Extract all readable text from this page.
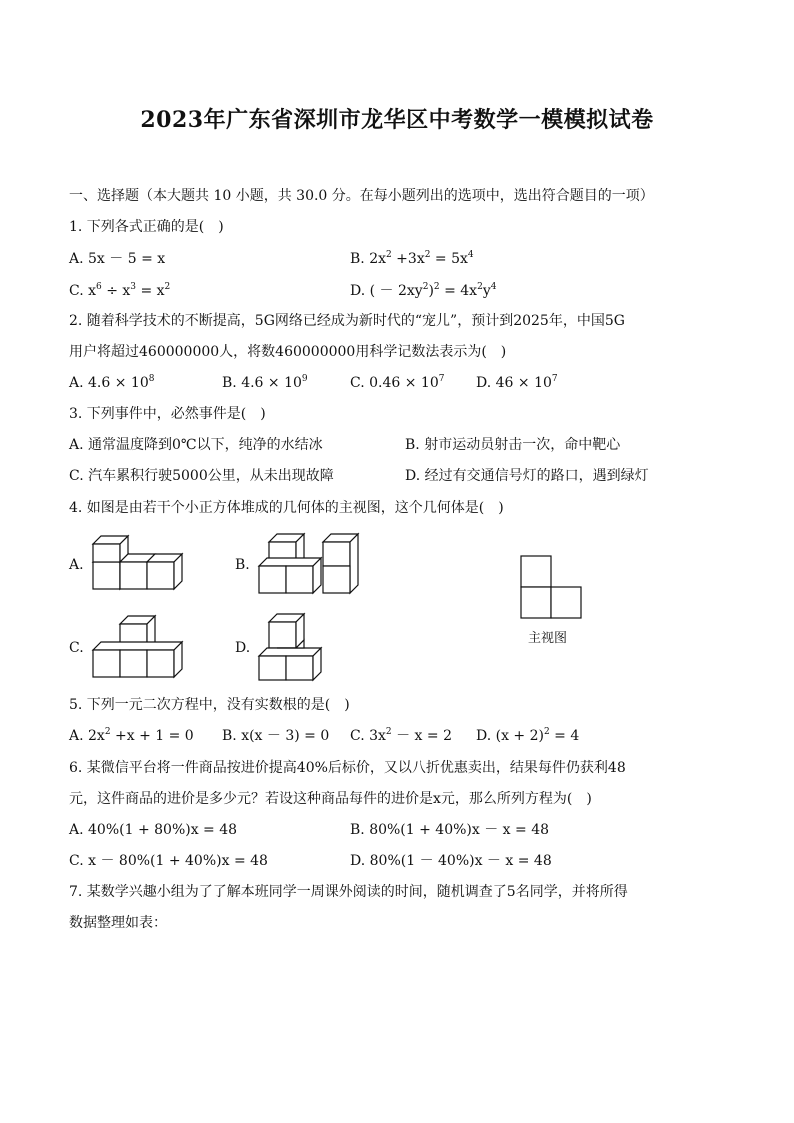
2023年广东省深圳市龙华区中考数学一模模拟试卷
一、选择题（本大题共 10 小题，共 30.0 分。在每小题列出的选项中，选出符合题目的一项）
1. 下列各式正确的是(　)
A. 5x － 5 = x	B. $2x^2 +3x^2 = 5x^4$
C. $x^6 \div x^3 = x^2$	D. ( － $2xy^2)^2 = 4x^2y^4$
2. 随着科学技术的不断提高，5G网络已经成为新时代的“宠儿”，预计到2025年，中国5G
用户将超过460000000人，将数460000000用科学记数法表示为(　)
A. $4.6 \times 10^8$	B. $4.6 \times 10^9$	C. $0.46 \times 10^7$ D. $46 \times 10^7$
3. 下列事件中，必然事件是(　)
A. 通常温度降到0℃以下，纯净的水结冰	B. 射市运动员射击一次，命中靶心
C. 汽车累积行驶5000公里，从未出现故障	D. 经过有交通信号灯的路口，遇到绿灯
4. 如图是由若干个小正方体堆成的几何体的主视图，这个几何体是(　)
A.	B.
C.	D.
主视图
5. 下列一元二次方程中，没有实数根的是(　)
A. $2x^2 +x + 1 = 0$ B. x(x － 3) = 0 C. $3x^2 - x = 2$ D. $(x + 2)^2 = 4$
6. 某微信平台将一件商品按进价提高40%后标价，又以八折优惠卖出，结果每件仍获利48
元，这件商品的进价是多少元？若设这种商品每件的进价是x元，那么所列方程为(　)
A. 40%(1 + 80%)x = 48	B. 80%(1 + 40%)x － x = 48
C. x － 80%(1 + 40%)x = 48	D. 80%(1 － 40%)x － x = 48
7. 某数学兴趣小组为了了解本班同学一周课外阅读的时间，随机调查了5名同学，并将所得
数据整理如表：
